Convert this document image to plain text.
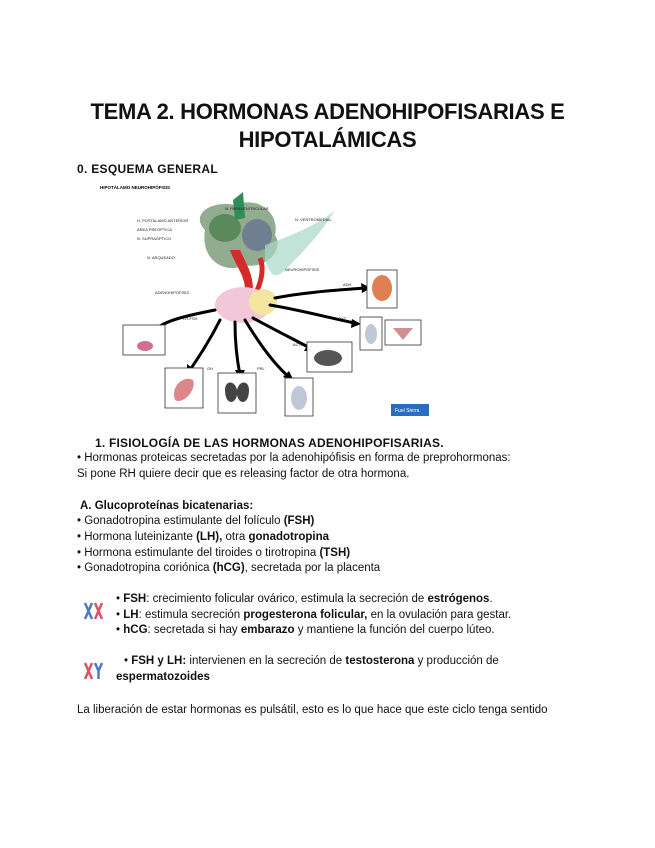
TEMA 2. HORMONAS ADENOHIPOFISARIAS E
HIPOTALÁMICAS
0. ESQUEMA GENERAL
HIPOTÁLAMO NEUROHIPÓFISIS
N. PARAVENTRICULAR
H. POSTALAMO ANTERIOR
ÁREA PREÓPTICA
N. SUPRAÓPTICO
N. ARQUEADO
N. VENTROMEDIAL
NEUROHIPÓFISIS
ADENOHIPÓFISIS
LH-FSH
ADH
OXT
ACTH
GH	PRL
Fuel Sierra
1. FISIOLOGÍA DE LAS HORMONAS ADENOHIPOFISARIAS.
• Hormonas proteicas secretadas por la adenohipófisis en forma de preprohormonas:
Si pone RH quiere decir que es releasing factor de otra hormona.
A. Glucoproteínas bicatenarias:
• Gonadotropina estimulante del folículo (FSH)
• Hormona luteinizante (LH), otra gonadotropina
• Hormona estimulante del tiroides o tirotropina (TSH)
• Gonadotropina coriónica (hCG), secretada por la placenta
• FSH: crecimiento folicular ovárico, estimula la secreción de estrógenos.
• LH: estimula secreción progesterona folicular, en la ovulación para gestar.
• hCG: secretada si hay embarazo y mantiene la función del cuerpo lúteo.
• FSH y LH: intervienen en la secreción de testosterona y producción de
espermatozoides
La liberación de estar hormonas es pulsátil, esto es lo que hace que este ciclo tenga sentido
